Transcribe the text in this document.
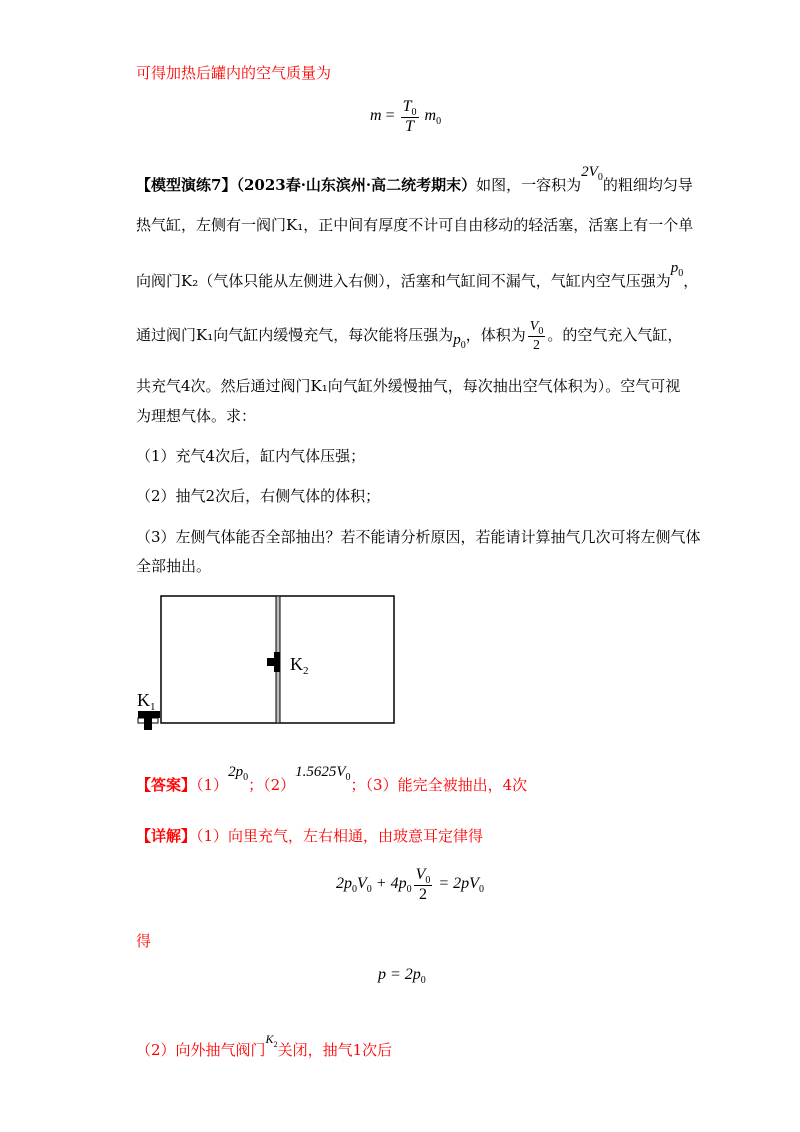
可得加热后罐内的空气质量为
$m = \frac{T_0}{T} m_0$
【模型演练7】（2023春·山东滨州·高二统考期末）如图，一容积为$2V_0$的粗细均匀导
热气缸，左侧有一阀门K₁，正中间有厚度不计可自由移动的轻活塞，活塞上有一个单
向阀门K₂（气体只能从左侧进入右侧），活塞和气缸间不漏气，气缸内空气压强为$p_0$，
通过阀门K₁向气缸内缓慢充气，每次能将压强为$p_0$，体积为 $\frac{V_0}{2}$ 。的空气充入气缸，
共充气4次。然后通过阀门K₁向气缸外缓慢抽气，每次抽出空气体积为）。空气可视
为理想气体。求：
（1）充气4次后，缸内气体压强；
（2）抽气2次后，右侧气体的体积；
（3）左侧气体能否全部抽出？若不能请分析原因，若能请计算抽气几次可将左侧气体
全部抽出。
$K_2$
$K_1$
【答案】$(1)2p_0$；$(2)1.5625V_0$；（3）能完全被抽出，4次
【详解】（1）向里充气，左右相通，由玻意耳定律得
$2p_0V_0 + 4p_0 \frac{V_0}{2} = 2pV_0$
得
$p = 2p_0$
（2）向外抽气阀门$^{K_2}$关闭，抽气1次后
